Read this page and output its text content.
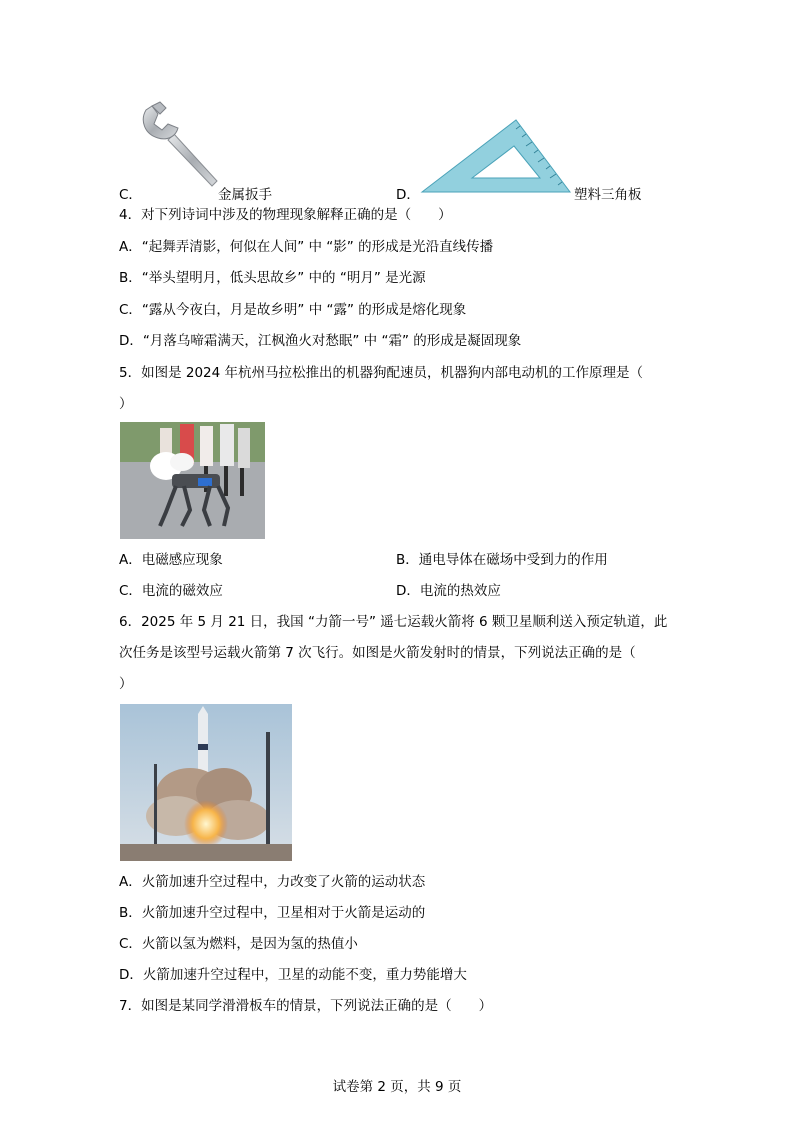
C．	金属扳手	D．	塑料三角板
4．对下列诗词中涉及的物理现象解释正确的是（　　）
A．“起舞弄清影，何似在人间” 中 “影” 的形成是光沿直线传播
B．“举头望明月，低头思故乡” 中的 “明月” 是光源
C．“露从今夜白，月是故乡明” 中 “露” 的形成是熔化现象
D．“月落乌啼霜满天，江枫渔火对愁眠” 中 “霜” 的形成是凝固现象
5．如图是 2024 年杭州马拉松推出的机器狗配速员，机器狗内部电动机的工作原理是（
）
A．电磁感应现象	B．通电导体在磁场中受到力的作用
C．电流的磁效应	D．电流的热效应
6．2025 年 5 月 21 日，我国 “力箭一号” 遥七运载火箭将 6 颗卫星顺利送入预定轨道，此
次任务是该型号运载火箭第 7 次飞行。如图是火箭发射时的情景，下列说法正确的是（
）
A．火箭加速升空过程中，力改变了火箭的运动状态
B．火箭加速升空过程中，卫星相对于火箭是运动的
C．火箭以氢为燃料，是因为氢的热值小
D．火箭加速升空过程中，卫星的动能不变，重力势能增大
7．如图是某同学滑滑板车的情景，下列说法正确的是（　　）
试卷第 2 页，共 9 页
